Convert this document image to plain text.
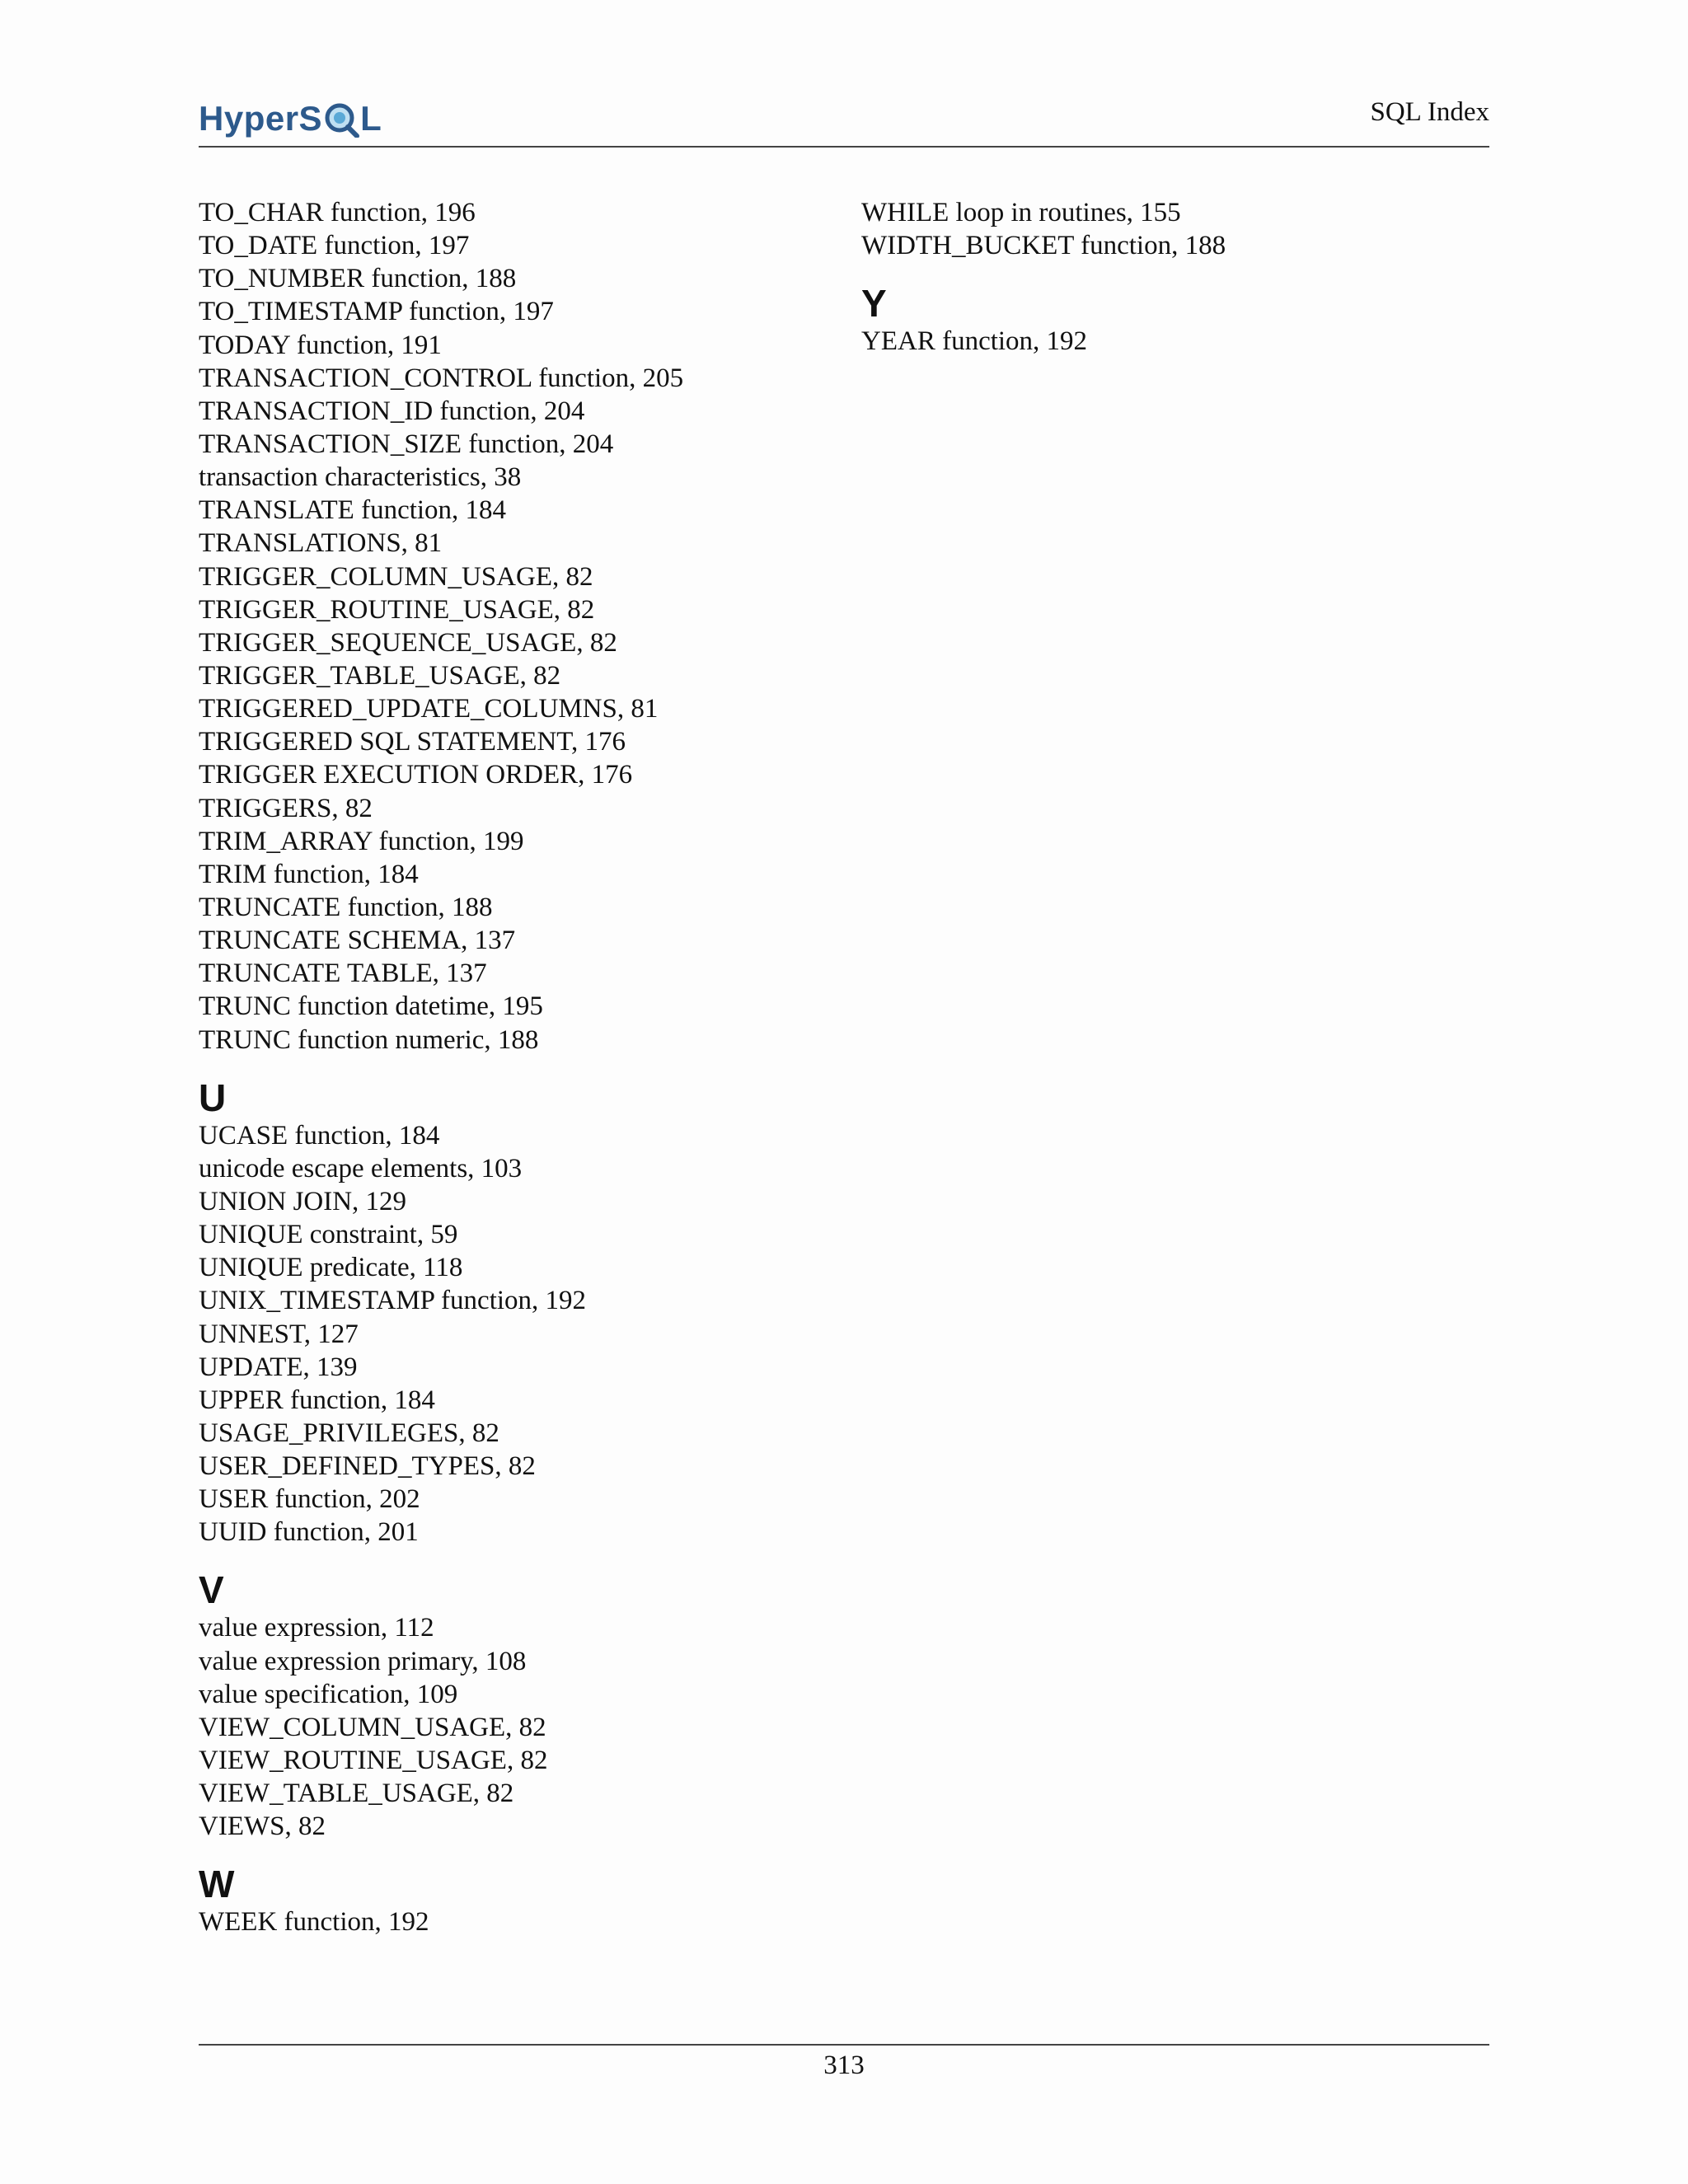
HyperS L	SQL Index
TO_CHAR function, 196
TO_DATE function, 197
TO_NUMBER function, 188
TO_TIMESTAMP function, 197
TODAY function, 191
TRANSACTION_CONTROL function, 205
TRANSACTION_ID function, 204
TRANSACTION_SIZE function, 204
transaction characteristics, 38
TRANSLATE function, 184
TRANSLATIONS, 81
TRIGGER_COLUMN_USAGE, 82
TRIGGER_ROUTINE_USAGE, 82
TRIGGER_SEQUENCE_USAGE, 82
TRIGGER_TABLE_USAGE, 82
TRIGGERED_UPDATE_COLUMNS, 81
TRIGGERED SQL STATEMENT, 176
TRIGGER EXECUTION ORDER, 176
TRIGGERS, 82
TRIM_ARRAY function, 199
TRIM function, 184
TRUNCATE function, 188
TRUNCATE SCHEMA, 137
TRUNCATE TABLE, 137
TRUNC function datetime, 195
TRUNC function numeric, 188
U
UCASE function, 184
unicode escape elements, 103
UNION JOIN, 129
UNIQUE constraint, 59
UNIQUE predicate, 118
UNIX_TIMESTAMP function, 192
UNNEST, 127
UPDATE, 139
UPPER function, 184
USAGE_PRIVILEGES, 82
USER_DEFINED_TYPES, 82
USER function, 202
UUID function, 201
V
value expression, 112
value expression primary, 108
value specification, 109
VIEW_COLUMN_USAGE, 82
VIEW_ROUTINE_USAGE, 82
VIEW_TABLE_USAGE, 82
VIEWS, 82
W
WEEK function, 192
WHILE loop in routines, 155
WIDTH_BUCKET function, 188
Y
YEAR function, 192
313
